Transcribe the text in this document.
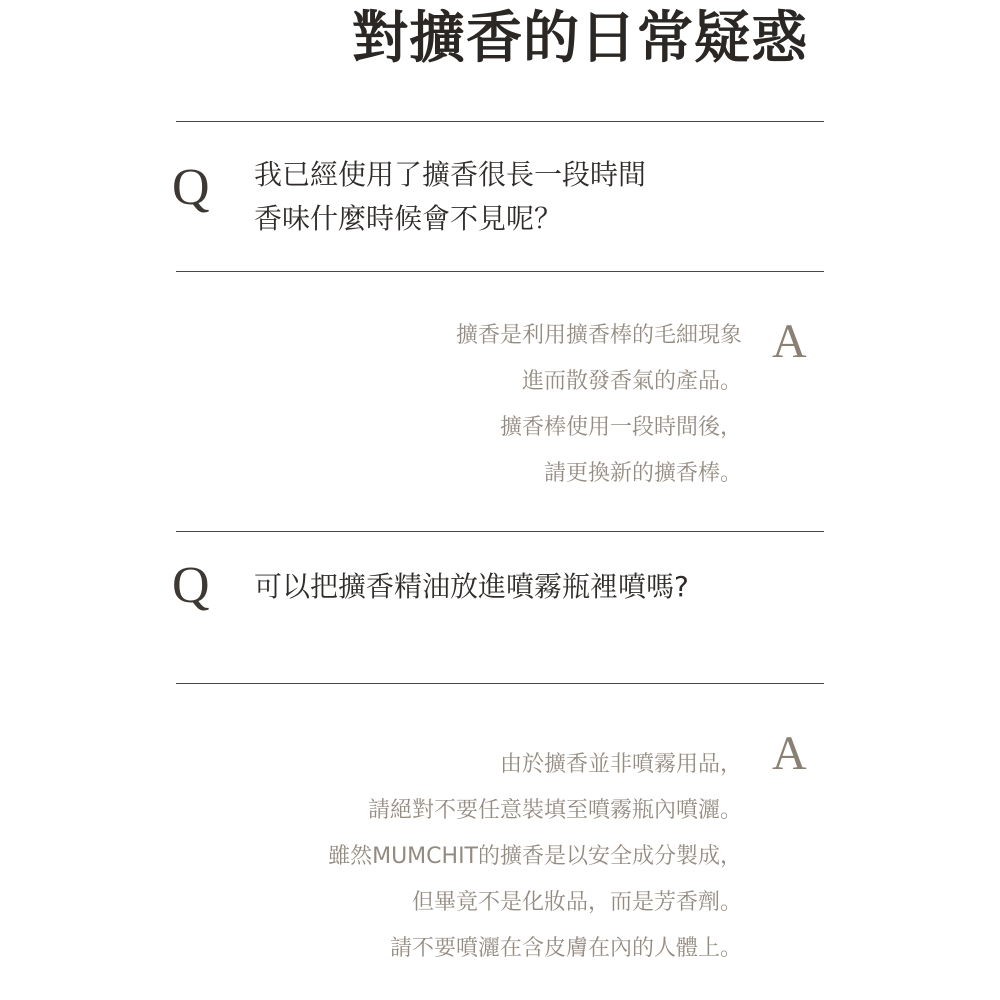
對擴香的日常疑惑
Q 我已經使用了擴香很長一段時間
香味什麼時候會不見呢？
A
擴香是利用擴香棒的毛細現象
進而散發香氣的產品。
擴香棒使用一段時間後，
請更換新的擴香棒。
Q 可以把擴香精油放進噴霧瓶裡噴嗎?
A
由於擴香並非噴霧用品，
請絕對不要任意裝填至噴霧瓶內噴灑。
雖然MUMCHIT的擴香是以安全成分製成，
但畢竟不是化妝品，而是芳香劑。
請不要噴灑在含皮膚在內的人體上。
